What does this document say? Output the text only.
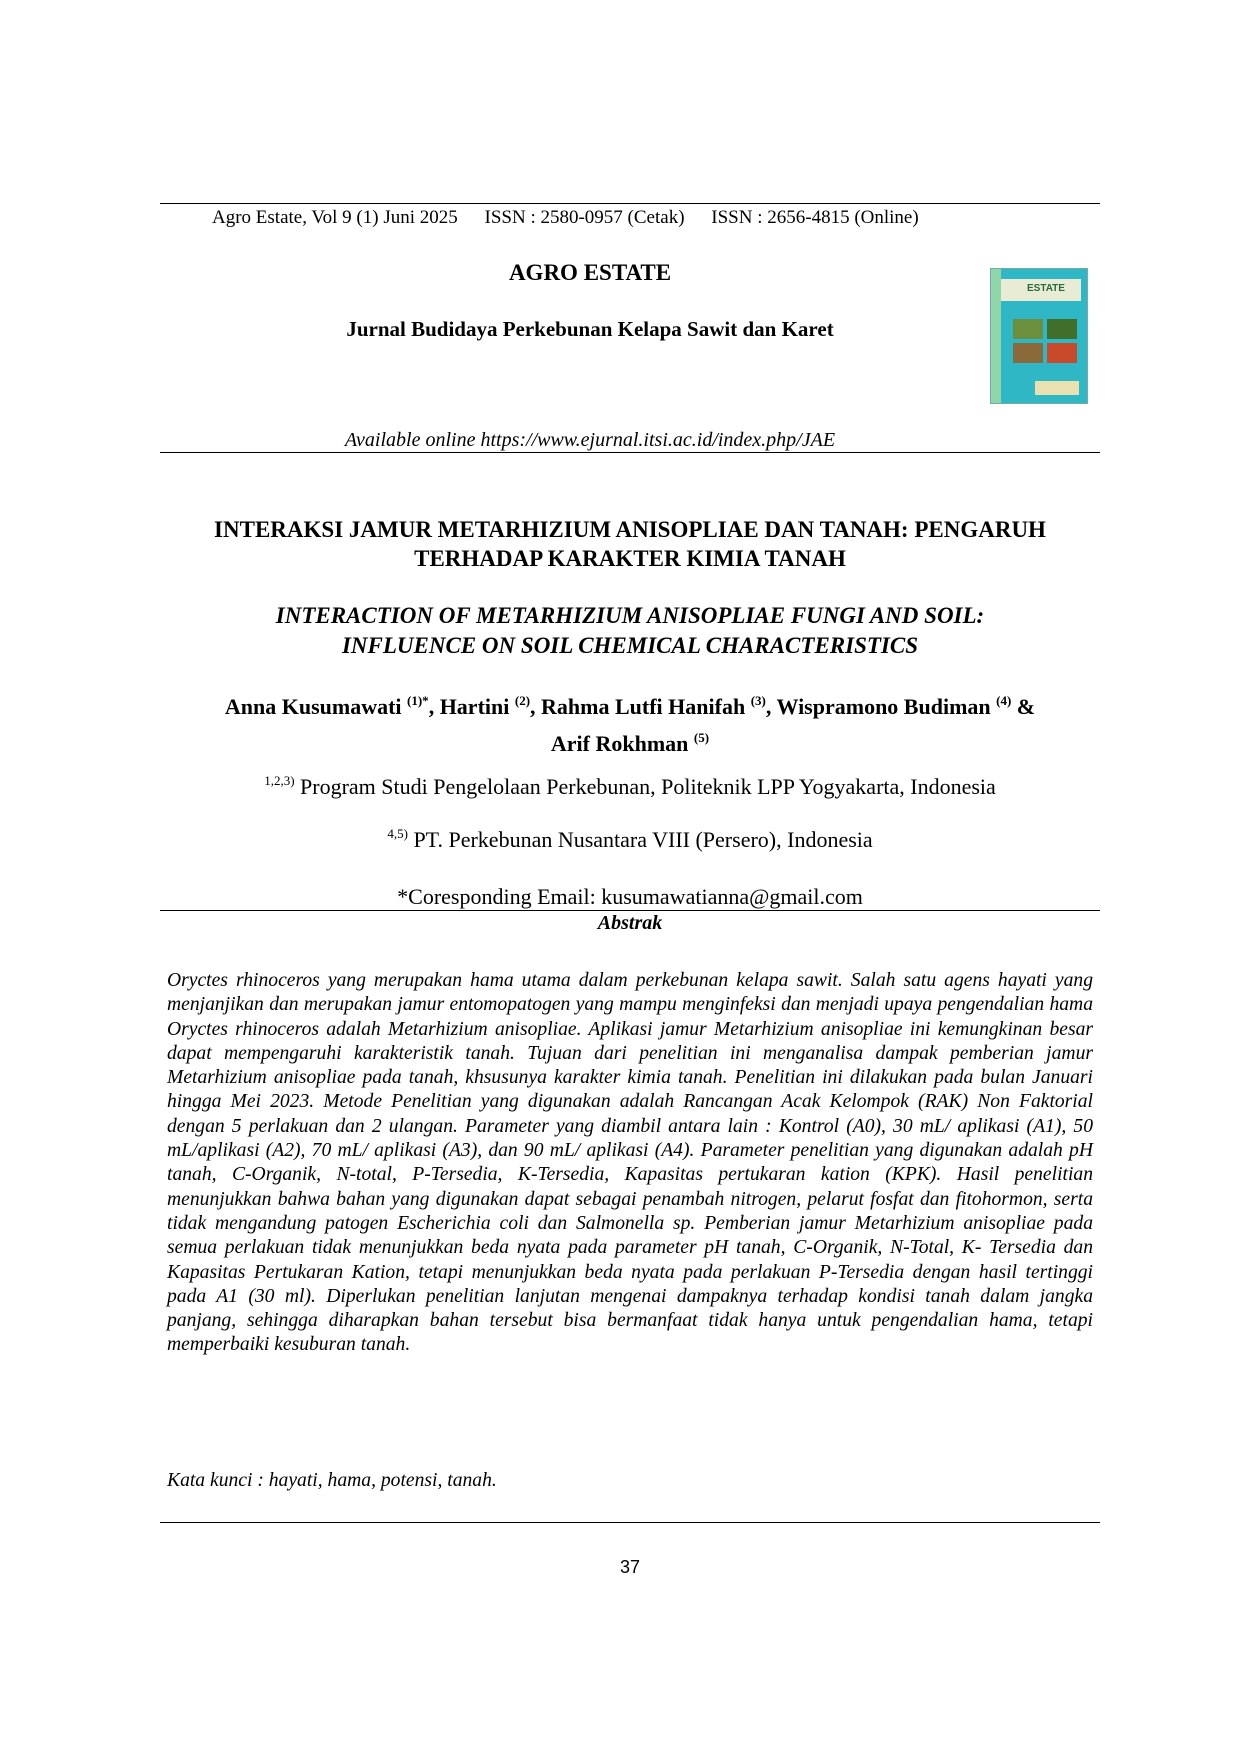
Agro Estate, Vol 9 (1) Juni 2025 ISSN : 2580-0957 (Cetak) ISSN : 2656-4815 (Online)
AGRO ESTATE
Jurnal Budidaya Perkebunan Kelapa Sawit dan Karet
ESTATE
Available online https://www.ejurnal.itsi.ac.id/index.php/JAE
INTERAKSI JAMUR METARHIZIUM ANISOPLIAE DAN TANAH: PENGARUH
TERHADAP KARAKTER KIMIA TANAH
INTERACTION OF METARHIZIUM ANISOPLIAE FUNGI AND SOIL:
INFLUENCE ON SOIL CHEMICAL CHARACTERISTICS
Anna Kusumawati $^{(1)*}$, Hartini $^{(2)}$, Rahma Lutfi Hanifah $^{(3)}$, Wispramono Budiman $^{(4)}$ &
Arif Rokhman $^{(5)}$
$^{1,2,3)}$ Program Studi Pengelolaan Perkebunan, Politeknik LPP Yogyakarta, Indonesia
$^{4,5)}$ PT. Perkebunan Nusantara VIII (Persero), Indonesia
*Coresponding Email: kusumawatianna@gmail.com
Abstrak

Oryctes rhinoceros yang merupakan hama utama dalam perkebunan kelapa sawit. Salah satu agens hayati yang menjanjikan dan merupakan jamur entomopatogen yang mampu menginfeksi dan menjadi upaya pengendalian hama Oryctes rhinoceros adalah Metarhizium anisopliae. Aplikasi jamur Metarhizium anisopliae ini kemungkinan besar dapat mempengaruhi karakteristik tanah. Tujuan dari penelitian ini menganalisa dampak pemberian jamur Metarhizium anisopliae pada tanah, khsusunya karakter kimia tanah. Penelitian ini dilakukan pada bulan Januari hingga Mei 2023. Metode Penelitian yang digunakan adalah Rancangan Acak Kelompok (RAK) Non Faktorial dengan 5 perlakuan dan 2 ulangan. Parameter yang diambil antara lain : Kontrol (A0), 30 mL/ aplikasi (A1), 50 mL/aplikasi (A2), 70 mL/ aplikasi (A3), dan 90 mL/ aplikasi (A4). Parameter penelitian yang digunakan adalah pH tanah, C-Organik, N-total, P-Tersedia, K-Tersedia, Kapasitas pertukaran kation (KPK). Hasil penelitian menunjukkan bahwa bahan yang digunakan dapat sebagai penambah nitrogen, pelarut fosfat dan fitohormon, serta tidak mengandung patogen Escherichia coli dan Salmonella sp. Pemberian jamur Metarhizium anisopliae pada semua perlakuan tidak menunjukkan beda nyata pada parameter pH tanah, C-Organik, N-Total, K- Tersedia dan Kapasitas Pertukaran Kation, tetapi menunjukkan beda nyata pada perlakuan P-Tersedia dengan hasil tertinggi pada A1 (30 ml). Diperlukan penelitian lanjutan mengenai dampaknya terhadap kondisi tanah dalam jangka panjang, sehingga diharapkan bahan tersebut bisa bermanfaat tidak hanya untuk pengendalian hama, tetapi memperbaiki kesuburan tanah.

Kata kunci : hayati, hama, potensi, tanah.
37
